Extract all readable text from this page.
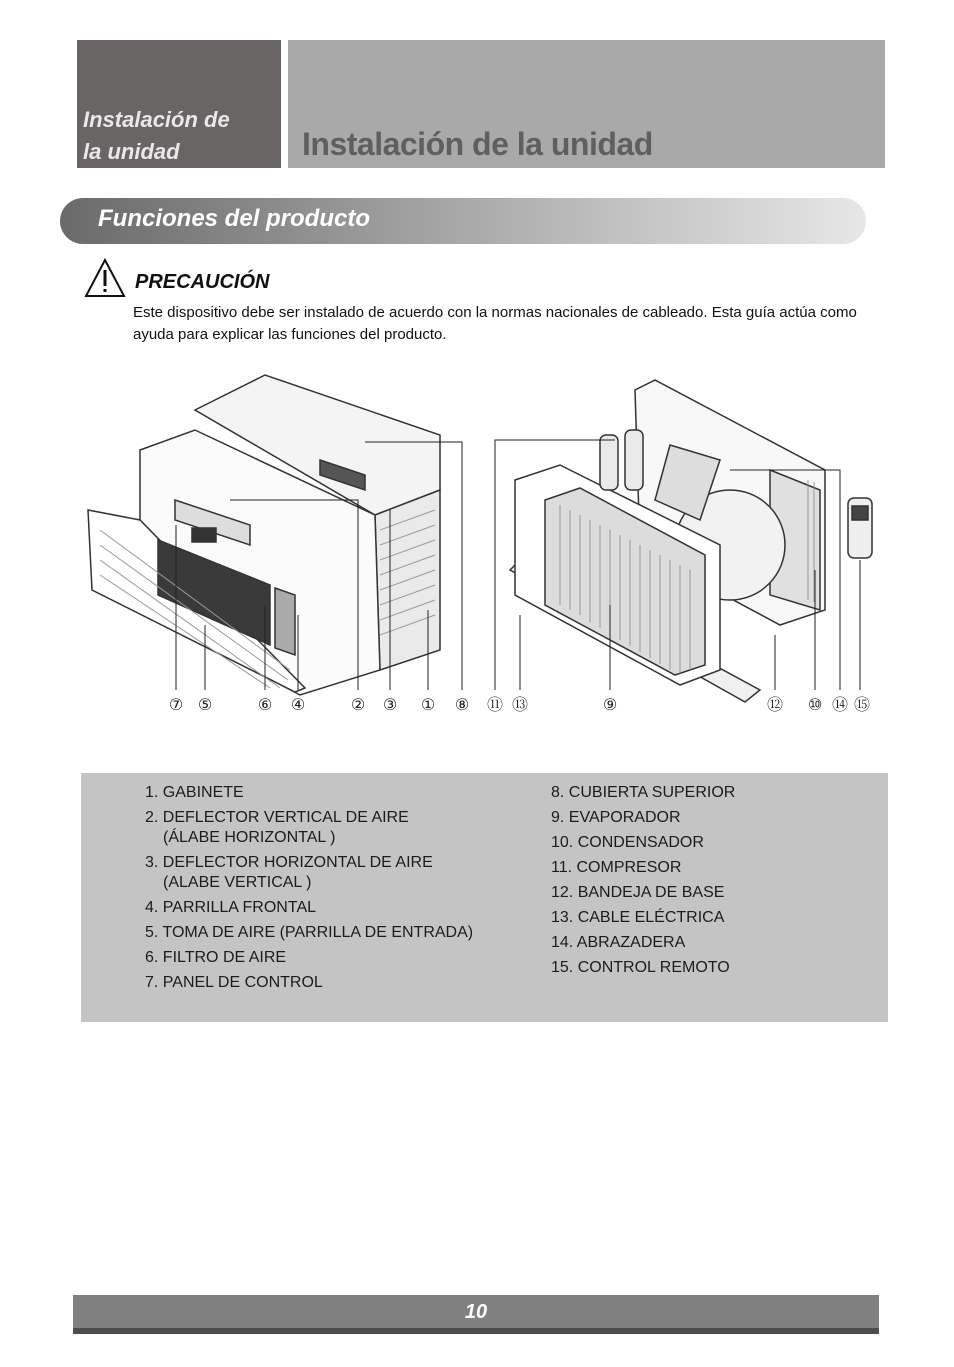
Instalación de
la unidad	Instalación de la unidad
Funciones del producto
PRECAUCIÓN
Este dispositivo debe ser instalado de acuerdo con la normas nacionales de cableado. Esta guía actúa como ayuda para explicar las funciones del producto.
⑦ ⑤	⑥ ④	② ③ ① ⑧ ⑪ ⑬	⑨	⑫ ⑩ ⑭ ⑮
1. GABINETE
2. DEFLECTOR VERTICAL DE AIRE
(ÁLABE HORIZONTAL )
3. DEFLECTOR HORIZONTAL DE AIRE
(ALABE VERTICAL )
4. PARRILLA FRONTAL
5. TOMA DE AIRE (PARRILLA DE ENTRADA)
6. FILTRO DE AIRE
7. PANEL DE CONTROL
8. CUBIERTA SUPERIOR
9. EVAPORADOR
10. CONDENSADOR
11. COMPRESOR
12. BANDEJA DE BASE
13. CABLE ELÉCTRICA
14. ABRAZADERA
15. CONTROL REMOTO
10
